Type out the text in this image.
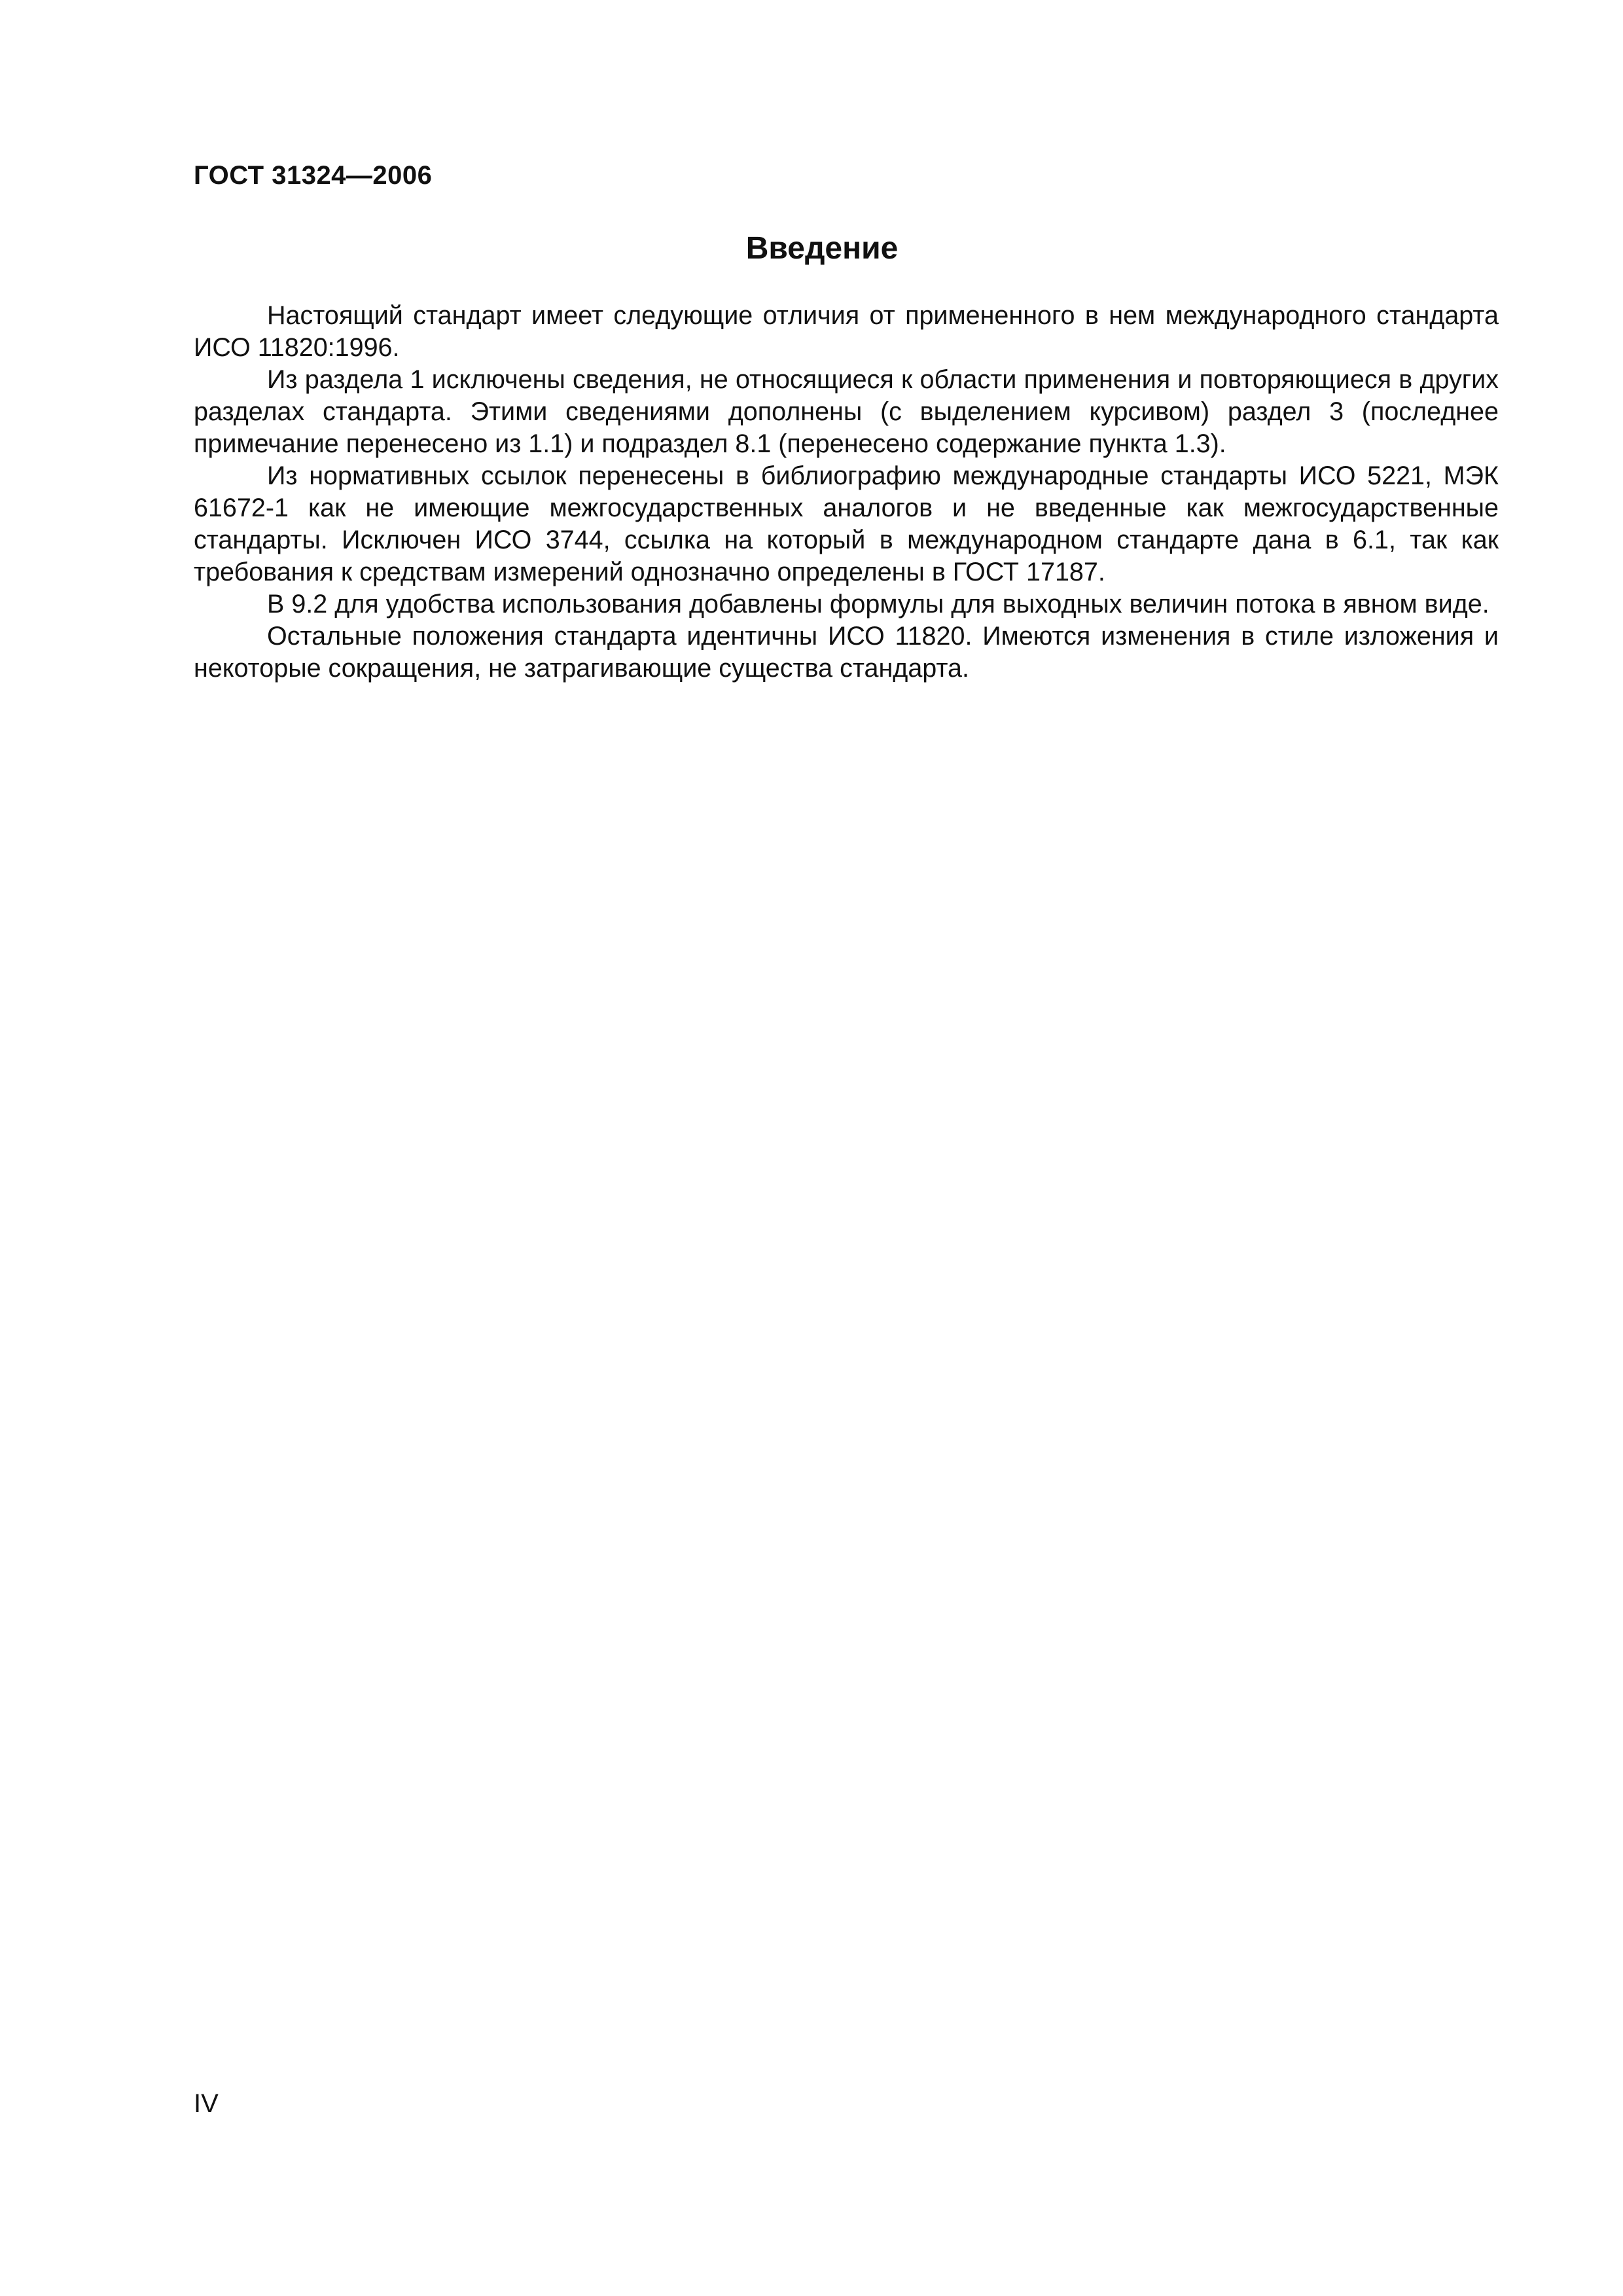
ГОСТ 31324—2006
Введение

Настоящий стандарт имеет следующие отличия от примененного в нем международного стандарта ИСО 11820:1996.

Из раздела 1 исключены сведения, не относящиеся к области применения и повторяющиеся в других разделах стандарта. Этими сведениями дополнены (с выделением курсивом) раздел 3 (последнее примечание перенесено из 1.1) и подраздел 8.1 (перенесено содержание пункта 1.3).

Из нормативных ссылок перенесены в библиографию международные стандарты ИСО 5221, МЭК 61672-1 как не имеющие межгосударственных аналогов и не введенные как межгосударственные стандарты. Исключен ИСО 3744, ссылка на который в международном стандарте дана в 6.1, так как требования к средствам измерений однозначно определены в ГОСТ 17187.

В 9.2 для удобства использования добавлены формулы для выходных величин потока в явном виде.

Остальные положения стандарта идентичны ИСО 11820. Имеются изменения в стиле изложения и некоторые сокращения, не затрагивающие существа стандарта.

IV
